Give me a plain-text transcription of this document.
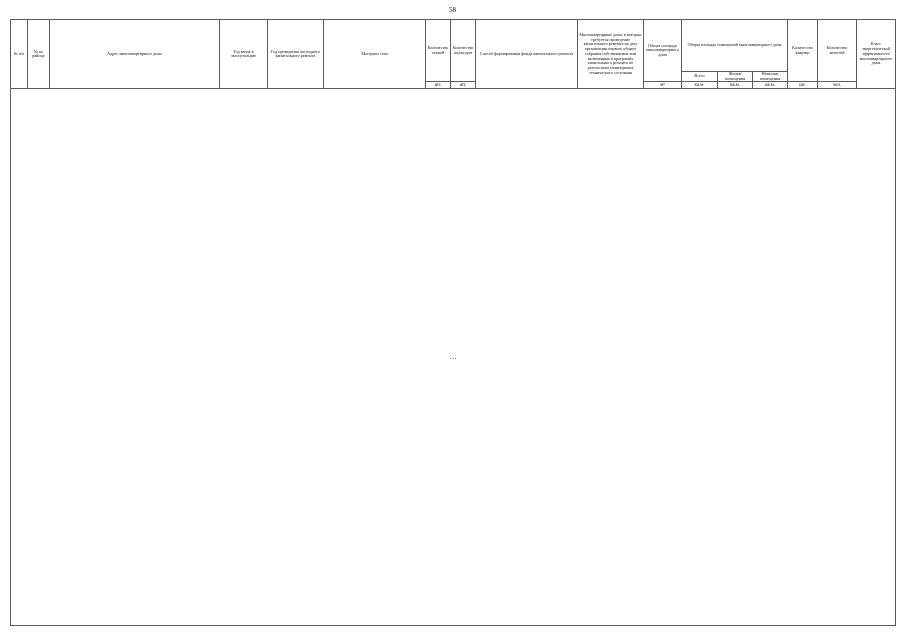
58
№ п/п	№ по району	Адрес многоквартирного дома	Год ввода в эксплуатацию	Год проведения последнего капитального ремонта	Материал стен	Количество этажей	Количество подъездов	Способ формирования фонда капитального ремонта	Многоквартирные дома, в которых требуется проведение капитального ремонта на дату организации первого общего собрания собственников или включенные в программу капитального ремонта по результатам мониторинга технического состояния	Общая площадь многоквартирного дома	Общая площадь помещений многоквартирного дома			Количество квартир	Количество жителей	Класс энергетической эффективности многоквартирного дома
											Всего	Жилые помещения	Нежилые помещения			
						шт.	шт.			м²	кв.м.	кв.м.	кв.м.	шт.	чел.	
…																
